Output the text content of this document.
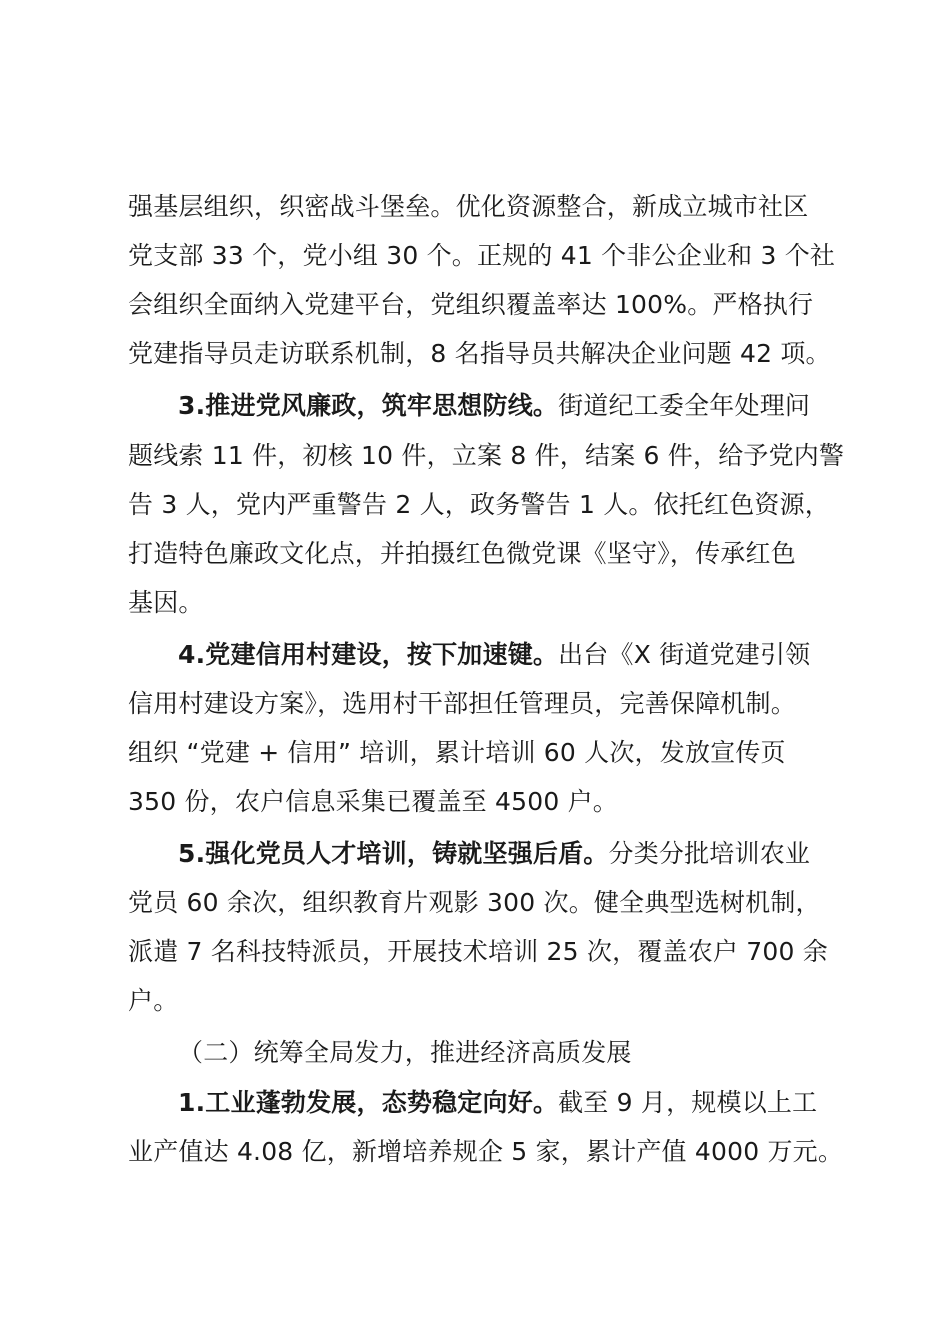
强基层组织，织密战斗堡垒。优化资源整合，新成立城市社区
党支部 33 个，党小组 30 个。正规的 41 个非公企业和 3 个社
会组织全面纳入党建平台，党组织覆盖率达 100%。严格执行
党建指导员走访联系机制，8 名指导员共解决企业问题 42 项。
3.推进党风廉政，筑牢思想防线。街道纪工委全年处理问
题线索 11 件，初核 10 件，立案 8 件，结案 6 件，给予党内警
告 3 人，党内严重警告 2 人，政务警告 1 人。依托红色资源，
打造特色廉政文化点，并拍摄红色微党课《坚守》，传承红色
基因。
4.党建信用村建设，按下加速键。出台《X 街道党建引领
信用村建设方案》，选用村干部担任管理员，完善保障机制。
组织 “党建 + 信用” 培训，累计培训 60 人次，发放宣传页
350 份，农户信息采集已覆盖至 4500 户。
5.强化党员人才培训，铸就坚强后盾。分类分批培训农业
党员 60 余次，组织教育片观影 300 次。健全典型选树机制，
派遣 7 名科技特派员，开展技术培训 25 次，覆盖农户 700 余
户。
（二）统筹全局发力，推进经济高质发展
1.工业蓬勃发展，态势稳定向好。截至 9 月，规模以上工
业产值达 4.08 亿，新增培养规企 5 家，累计产值 4000 万元。
